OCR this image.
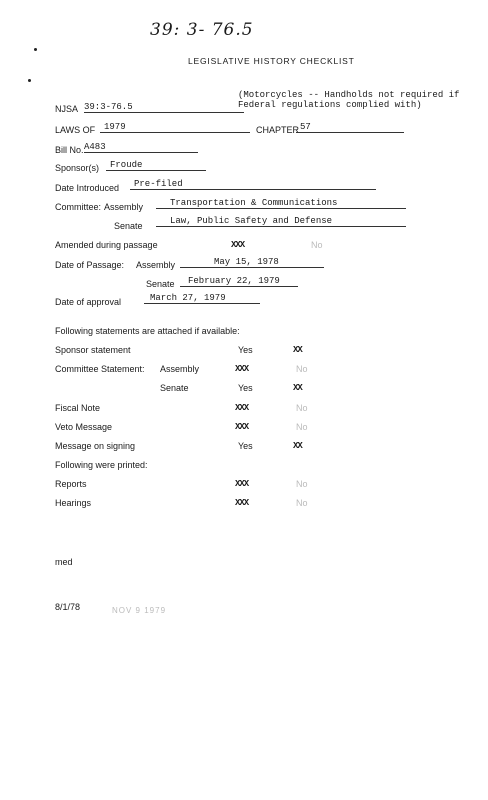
39: 3- 76.5
LEGISLATIVE HISTORY CHECKLIST
(Motorcycles -- Handholds not required if
Federal regulations complied with)
NJSA 39:3-76.5
LAWS OF 1979	CHAPTER 57
Bill No. A483
Sponsor(s)	Froude
Date Introduced	Pre-filed
Committee: Assembly	Transportation & Communications
Senate	Law, Public Safety and Defense
Amended during passage	XXX	No
Date of Passage: Assembly	May 15, 1978
Senate	February 22, 1979
Date of approval	March 27, 1979
Following statements are attached if available:
Sponsor statement	Yes	XX
Committee Statement: Assembly	XXX	No
Senate	Yes	XX
Fiscal Note	XXX	No
Veto Message	XXX	No
Message on signing	Yes	XX
Following were printed:
Reports	XXX	No
Hearings	XXX	No
med
8/1/78	NOV 9 1979
